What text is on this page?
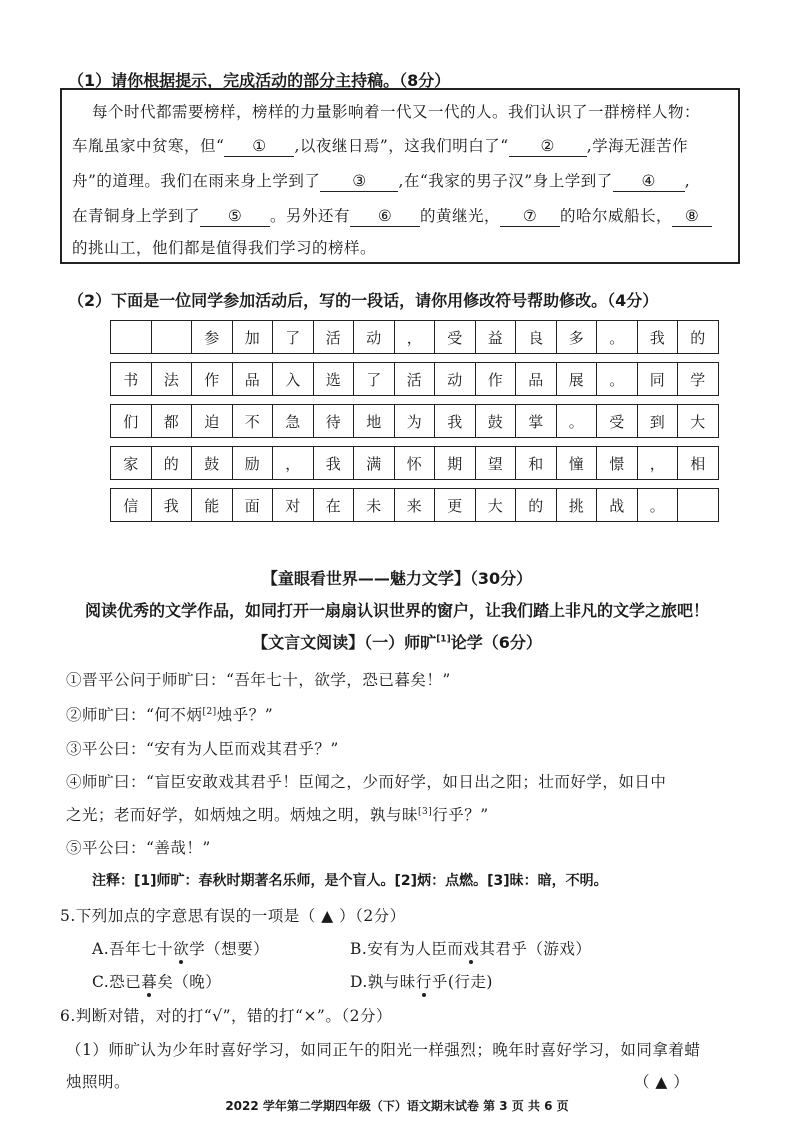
（1）请你根据提示，完成活动的部分主持稿。（8分）
每个时代都需要榜样，榜样的力量影响着一代又一代的人。我们认识了一群榜样人物：
车胤虽家中贫寒，但“ ① ,以夜继日焉”，这我们明白了“ ② ,学海无涯苦作
舟”的道理。我们在雨来身上学到了 ③ ,在“我家的男子汉”身上学到了 ④ ,
在青铜身上学到了 ⑤ 。另外还有 ⑥ 的黄继光， ⑦ 的哈尔威船长， ⑧
的挑山工，他们都是值得我们学习的榜样。
（2）下面是一位同学参加活动后，写的一段话，请你用修改符号帮助修改。（4分）
		参	加	了	活	动	，	受	益	良	多	。	我	的

书	法	作	品	入	选	了	活	动	作	品	展	。	同	学

们	都	迫	不	急	待	地	为	我	鼓	掌	。	受	到	大

家	的	鼓	励	，	我	满	怀	期	望	和	憧	憬	，	相

信	我	能	面	对	在	未	来	更	大	的	挑	战	。	
【童眼看世界——魅力文学】（30分）
阅读优秀的文学作品，如同打开一扇扇认识世界的窗户，让我们踏上非凡的文学之旅吧！
【文言文阅读】（一）师旷[1]论学（6分）
①晋平公问于师旷曰：“吾年七十，欲学，恐已暮矣！”
②师旷曰：“何不炳[2]烛乎？”
③平公曰：“安有为人臣而戏其君乎？”
④师旷曰：“盲臣安敢戏其君乎！臣闻之，少而好学，如日出之阳；壮而好学，如日中
之光；老而好学，如炳烛之明。炳烛之明，孰与昧[3]行乎？”
⑤平公曰：“善哉！”
注释：[1]师旷：春秋时期著名乐师，是个盲人。[2]炳：点燃。[3]昧：暗，不明。
5.下列加点的字意思有误的一项是（ ▲ ）（2分）
A.吾年七十欲学（想要）	B.安有为人臣而戏其君乎（游戏）
C.恐已暮矣（晚）	D.孰与昧行乎(行走)
6.判断对错，对的打“√”，错的打“×”。（2分）
（1）师旷认为少年时喜好学习，如同正午的阳光一样强烈；晚年时喜好学习，如同拿着蜡
烛照明。	（ ▲ ）
2022 学年第二学期四年级（下）语文期末试卷 第 3 页 共 6 页
